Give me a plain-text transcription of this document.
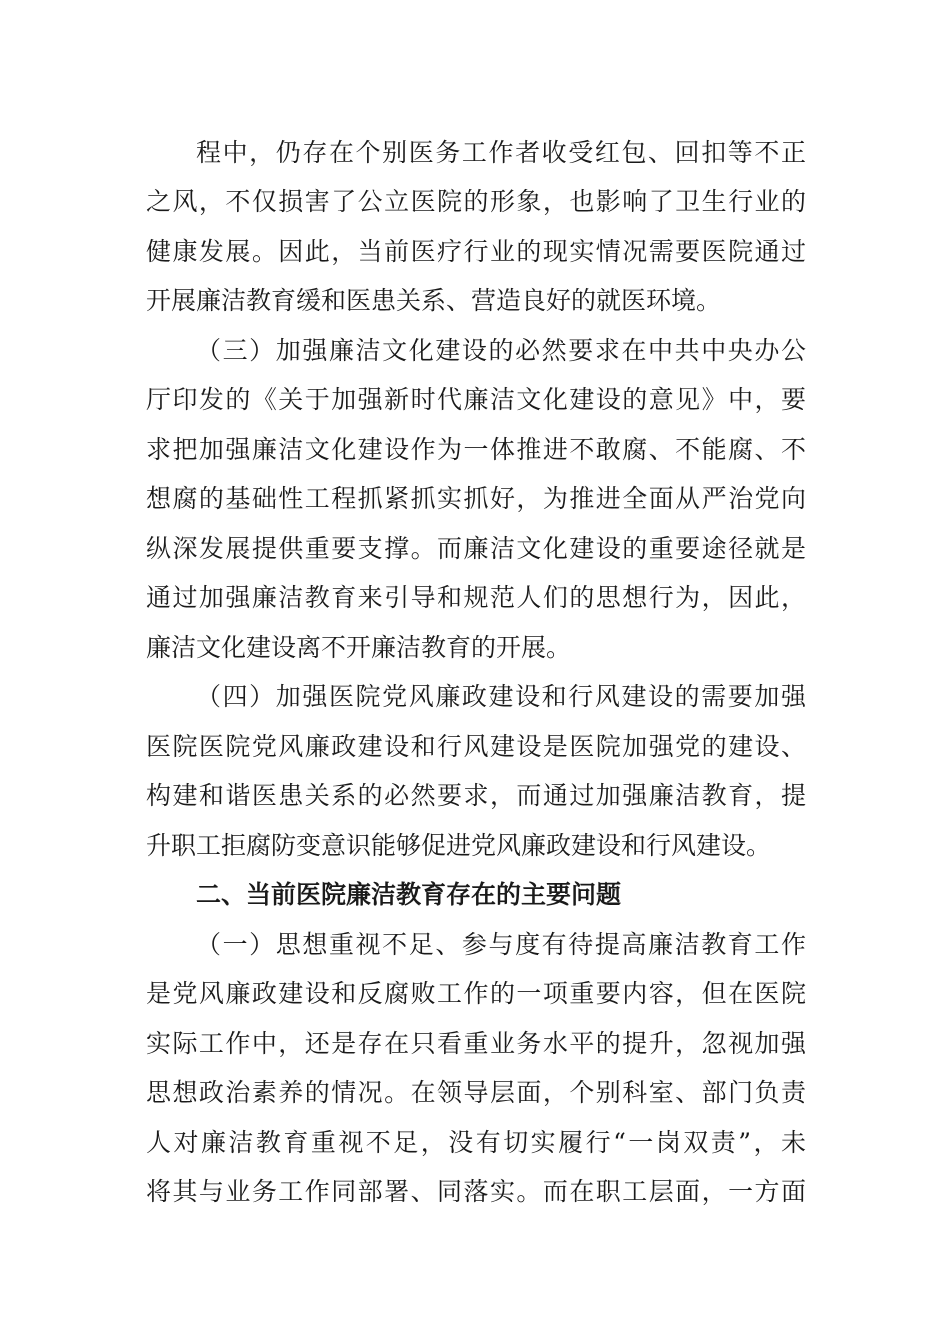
程中，仍存在个别医务工作者收受红包、回扣等不正
之风，不仅损害了公立医院的形象，也影响了卫生行业的
健康发展。因此，当前医疗行业的现实情况需要医院通过
开展廉洁教育缓和医患关系、营造良好的就医环境。
（三）加强廉洁文化建设的必然要求在中共中央办公
厅印发的《关于加强新时代廉洁文化建设的意见》中，要
求把加强廉洁文化建设作为一体推进不敢腐、不能腐、不
想腐的基础性工程抓紧抓实抓好，为推进全面从严治党向
纵深发展提供重要支撑。而廉洁文化建设的重要途径就是
通过加强廉洁教育来引导和规范人们的思想行为，因此，
廉洁文化建设离不开廉洁教育的开展。
（四）加强医院党风廉政建设和行风建设的需要加强
医院医院党风廉政建设和行风建设是医院加强党的建设、
构建和谐医患关系的必然要求，而通过加强廉洁教育，提
升职工拒腐防变意识能够促进党风廉政建设和行风建设。
二、当前医院廉洁教育存在的主要问题
（一）思想重视不足、参与度有待提高廉洁教育工作
是党风廉政建设和反腐败工作的一项重要内容，但在医院
实际工作中，还是存在只看重业务水平的提升，忽视加强
思想政治素养的情况。在领导层面，个别科室、部门负责
人对廉洁教育重视不足，没有切实履行“一岗双责”，未
将其与业务工作同部署、同落实。而在职工层面，一方面
